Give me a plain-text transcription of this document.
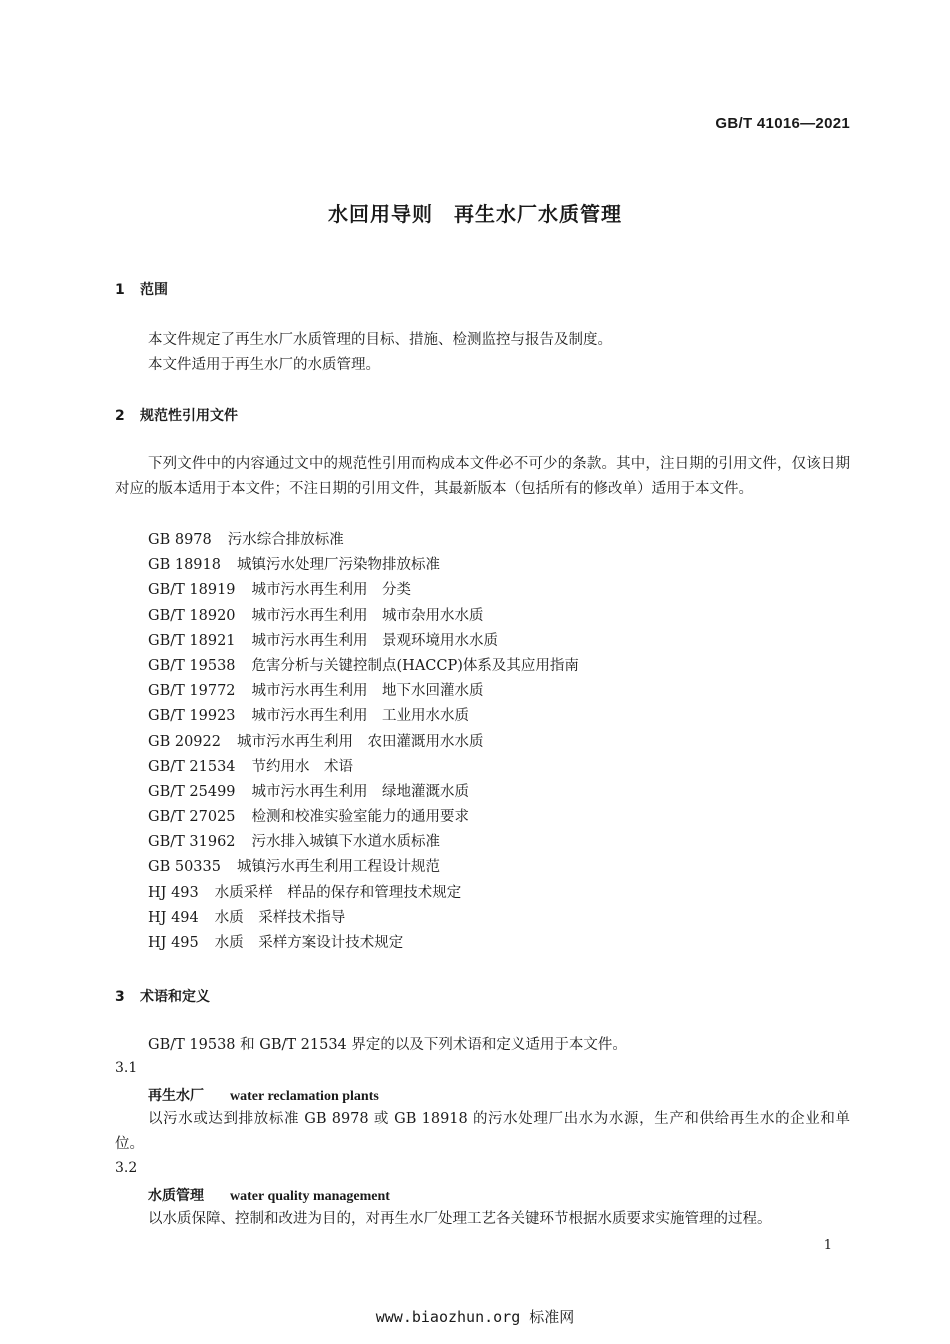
GB/T 41016—2021
水回用导则　再生水厂水质管理
1 范围
本文件规定了再生水厂水质管理的目标、措施、检测监控与报告及制度。
本文件适用于再生水厂的水质管理。
2 规范性引用文件

下列文件中的内容通过文中的规范性引用而构成本文件必不可少的条款。其中，注日期的引用文件，仅该日期对应的版本适用于本文件；不注日期的引用文件，其最新版本（包括所有的修改单）适用于本文件。

GB 8978 污水综合排放标准
GB 18918 城镇污水处理厂污染物排放标准
GB/T 18919 城市污水再生利用　分类
GB/T 18920 城市污水再生利用　城市杂用水水质
GB/T 18921 城市污水再生利用　景观环境用水水质
GB/T 19538 危害分析与关键控制点(HACCP)体系及其应用指南
GB/T 19772 城市污水再生利用　地下水回灌水质
GB/T 19923 城市污水再生利用　工业用水水质
GB 20922 城市污水再生利用　农田灌溉用水水质
GB/T 21534 节约用水　术语
GB/T 25499 城市污水再生利用　绿地灌溉水质
GB/T 27025 检测和校准实验室能力的通用要求
GB/T 31962 污水排入城镇下水道水质标准
GB 50335 城镇污水再生利用工程设计规范
HJ 493 水质采样　样品的保存和管理技术规定
HJ 494 水质　采样技术指导
HJ 495 水质　采样方案设计技术规定
3 术语和定义
GB/T 19538 和 GB/T 21534 界定的以及下列术语和定义适用于本文件。
3.1
再生水厂 water reclamation plants

以污水或达到排放标准 GB 8978 或 GB 18918 的污水处理厂出水为水源，生产和供给再生水的企业和单位。

3.2
水质管理 water quality management

以水质保障、控制和改进为目的，对再生水厂处理工艺各关键环节根据水质要求实施管理的过程。

1
www.biaozhun.org 标准网
